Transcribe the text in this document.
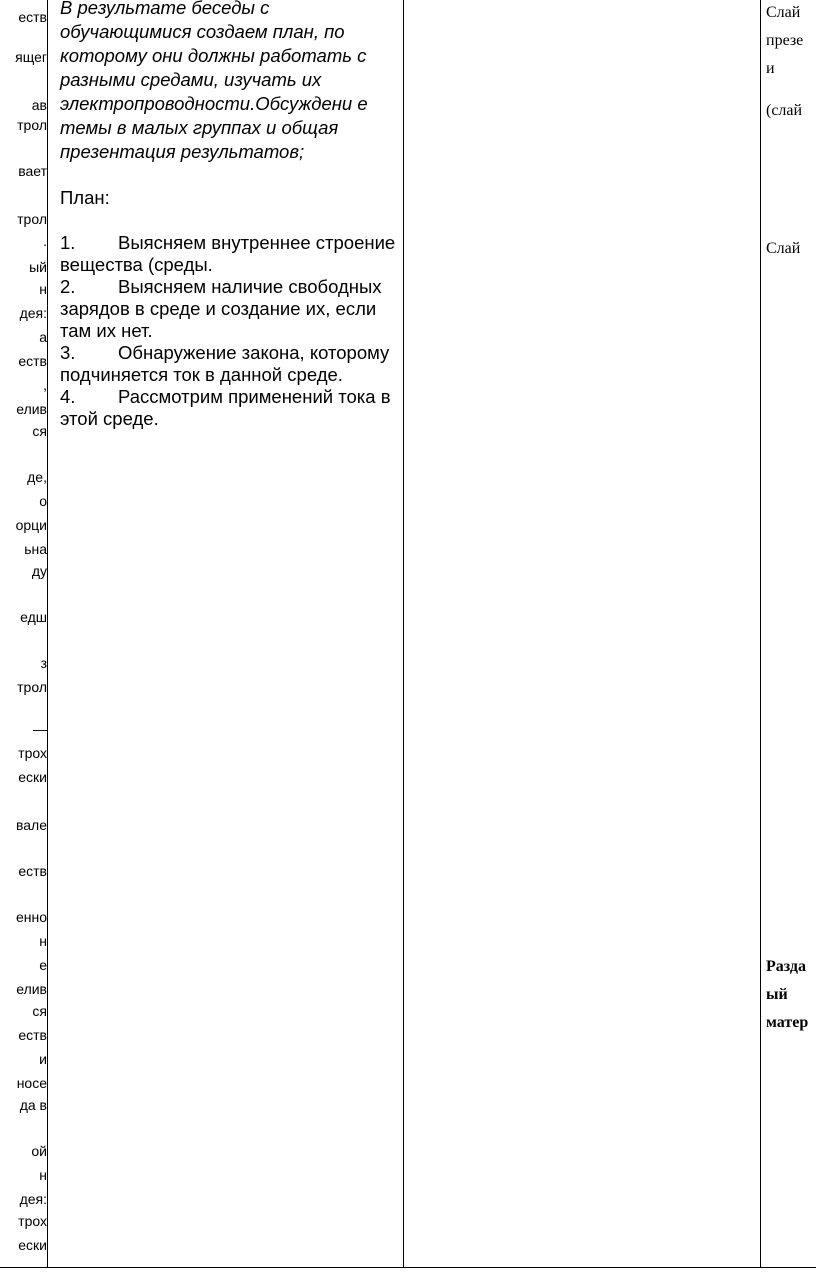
еств
ящег
ав
трол
вает
трол
.
ый
н
дея:
а
еств
,
елив
ся
де,
о
орци
ьна
ду
едш
з
трол
—
трох
ески
вале
еств
енно
н
е
елив
ся
еств
и
носе
да в
ой
н
дея:
трох
ески

В результате беседы с обучающимися создаем план, по которому они должны работать с разными средами, изучать их электропроводности.Обсуждени е темы в малых группах и общая презентация результатов;

План:
1. Выясняем внутреннее строение вещества (среды.
2. Выясняем наличие свободных зарядов в среде и создание их, если там их нет.
3. Обнаружение закона, которому подчиняется ток в данной среде.
4. Рассмотрим применений тока в этой среде.
Слай
презе
и
(слай
Слай
Разда
ый
матер
